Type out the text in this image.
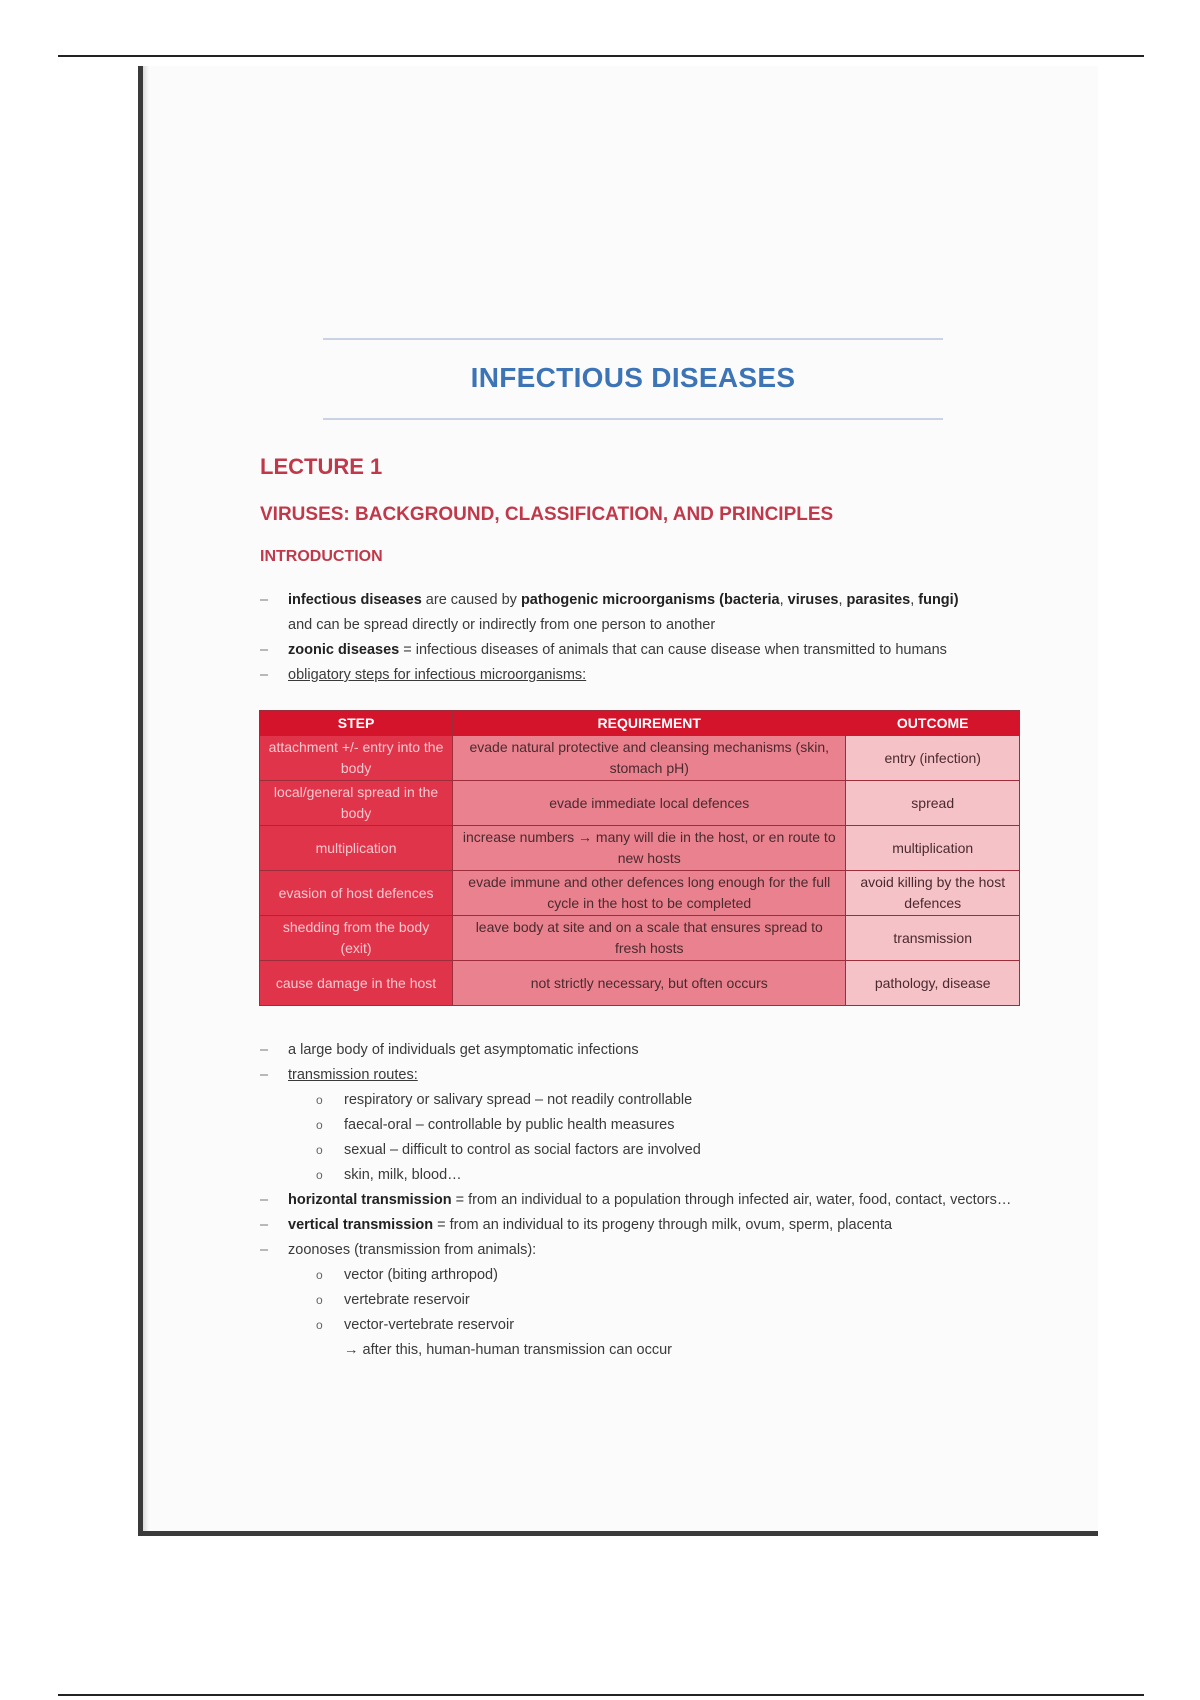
INFECTIOUS DISEASES
LECTURE 1
VIRUSES: BACKGROUND, CLASSIFICATION, AND PRINCIPLES
INTRODUCTION
– infectious diseases are caused by pathogenic microorganisms (bacteria, viruses, parasites, fungi)
and can be spread directly or indirectly from one person to another
– zoonic diseases = infectious diseases of animals that can cause disease when transmitted to humans
– obligatory steps for infectious microorganisms:
STEP	REQUIREMENT	OUTCOME
attachment +/- entry into the body	evade natural protective and cleansing mechanisms (skin, stomach pH)	entry (infection)
local/general spread in the body	evade immediate local defences	spread
multiplication	increase numbers → many will die in the host, or en route to new hosts	multiplication
evasion of host defences	evade immune and other defences long enough for the full cycle in the host to be completed	avoid killing by the host defences
shedding from the body (exit)	leave body at site and on a scale that ensures spread to fresh hosts	transmission
cause damage in the host	not strictly necessary, but often occurs	pathology, disease
– a large body of individuals get asymptomatic infections
– transmission routes:
o respiratory or salivary spread – not readily controllable
o faecal-oral – controllable by public health measures
o sexual – difficult to control as social factors are involved
o skin, milk, blood…
– horizontal transmission = from an individual to a population through infected air, water, food, contact, vectors…
– vertical transmission = from an individual to its progeny through milk, ovum, sperm, placenta
– zoonoses (transmission from animals):
o vector (biting arthropod)
o vertebrate reservoir
o vector-vertebrate reservoir
→ after this, human-human transmission can occur
